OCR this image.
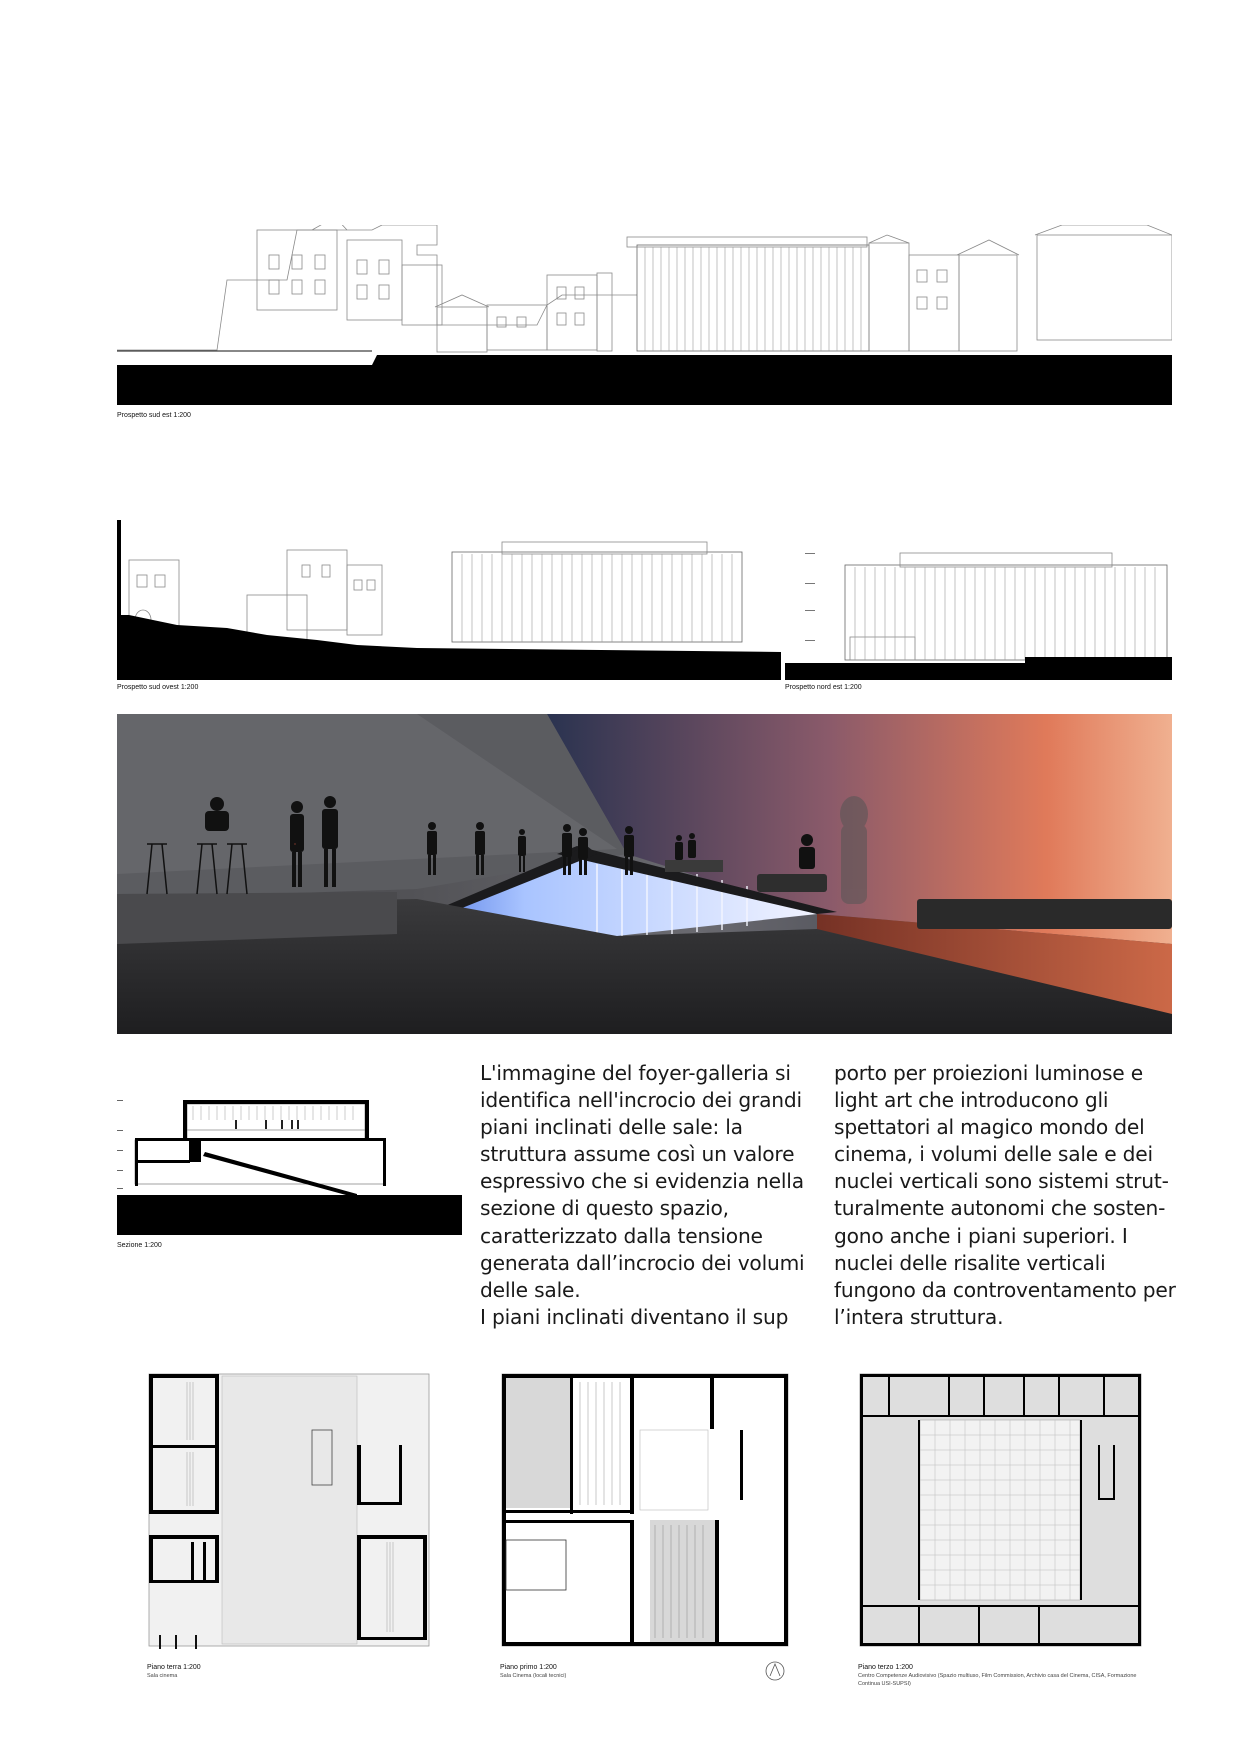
Prospetto sud est 1:200
Prospetto sud ovest 1:200	Prospetto nord est 1:200
Sezione 1:200
L'immagine del foyer-galleria si
identifica nell'incrocio dei grandi
piani inclinati delle sale: la
struttura assume così un valore
espressivo che si evidenzia nella
sezione di questo spazio,
caratterizzato dalla tensione
generata dall’incrocio dei volumi
delle sale.
I piani inclinati diventano il sup
porto per proiezioni luminose e
light art che introducono gli
spettatori al magico mondo del
cinema, i volumi delle sale e dei
nuclei verticali sono sistemi strut-
turalmente autonomi che sosten-
gono anche i piani superiori. I
nuclei delle risalite verticali
fungono da controventamento per
l’intera struttura.
Piano terra 1:200
Sala cinema
Piano primo 1:200
Sala Cinema (locali tecnici)
Piano terzo 1:200
Centro Competenze Audiovisivo (Spazio multiuso, Film Commission, Archivio casa del Cinema, CISA, Formazione Continua USI-SUPSI)
